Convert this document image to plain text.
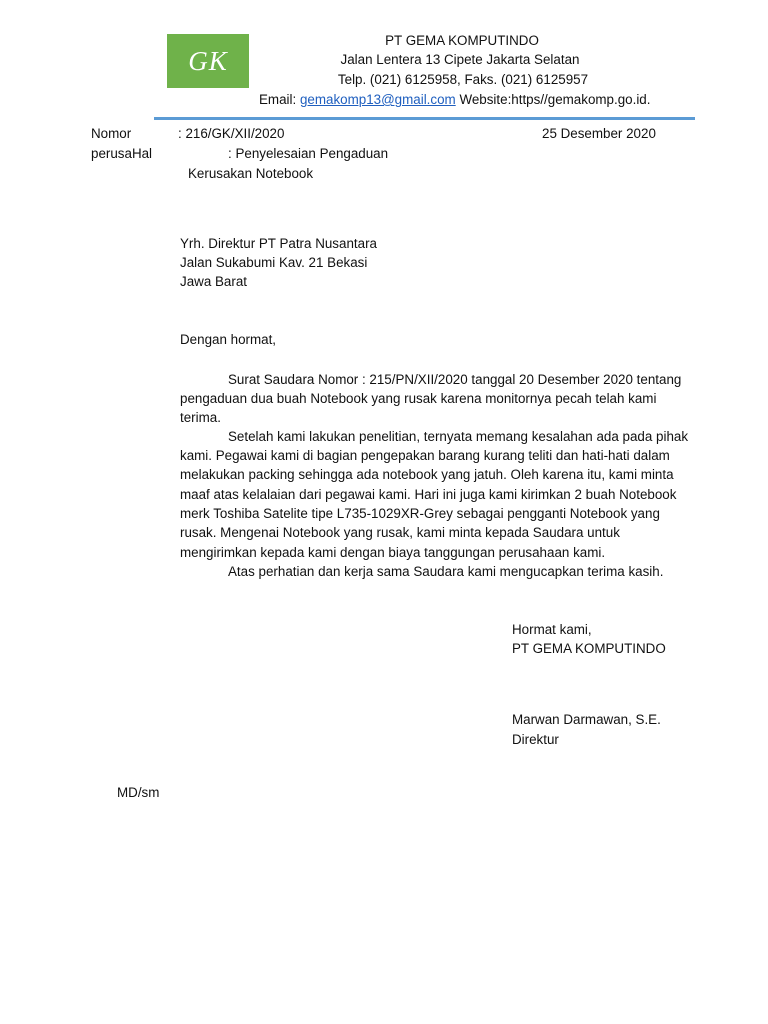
GK
PT GEMA KOMPUTINDO
Jalan Lentera 13 Cipete Jakarta Selatan
Telp. (021) 6125958, Faks. (021) 6125957
Email: gemakomp13@gmail.com Website:https//gemakomp.go.id.
Nomor	: 216/GK/XII/2020	25 Desember 2020
perusaHal	: Penyelesaian Pengaduan
Kerusakan Notebook
Yrh. Direktur PT Patra Nusantara
Jalan Sukabumi Kav. 21 Bekasi
Jawa Barat
Dengan hormat,
Surat Saudara Nomor : 215/PN/XII/2020 tanggal 20 Desember 2020 tentang
pengaduan dua buah Notebook yang rusak karena monitornya pecah telah kami
terima.
Setelah kami lakukan penelitian, ternyata memang kesalahan ada pada pihak
kami. Pegawai kami di bagian pengepakan barang kurang teliti dan hati-hati dalam
melakukan packing sehingga ada notebook yang jatuh. Oleh karena itu, kami minta
maaf atas kelalaian dari pegawai kami. Hari ini juga kami kirimkan 2 buah Notebook
merk Toshiba Satelite tipe L735-1029XR-Grey sebagai pengganti Notebook yang
rusak. Mengenai Notebook yang rusak, kami minta kepada Saudara untuk
mengirimkan kepada kami dengan biaya tanggungan perusahaan kami.
Atas perhatian dan kerja sama Saudara kami mengucapkan terima kasih.
Hormat kami,
PT GEMA KOMPUTINDO
Marwan Darmawan, S.E.
Direktur
MD/sm
